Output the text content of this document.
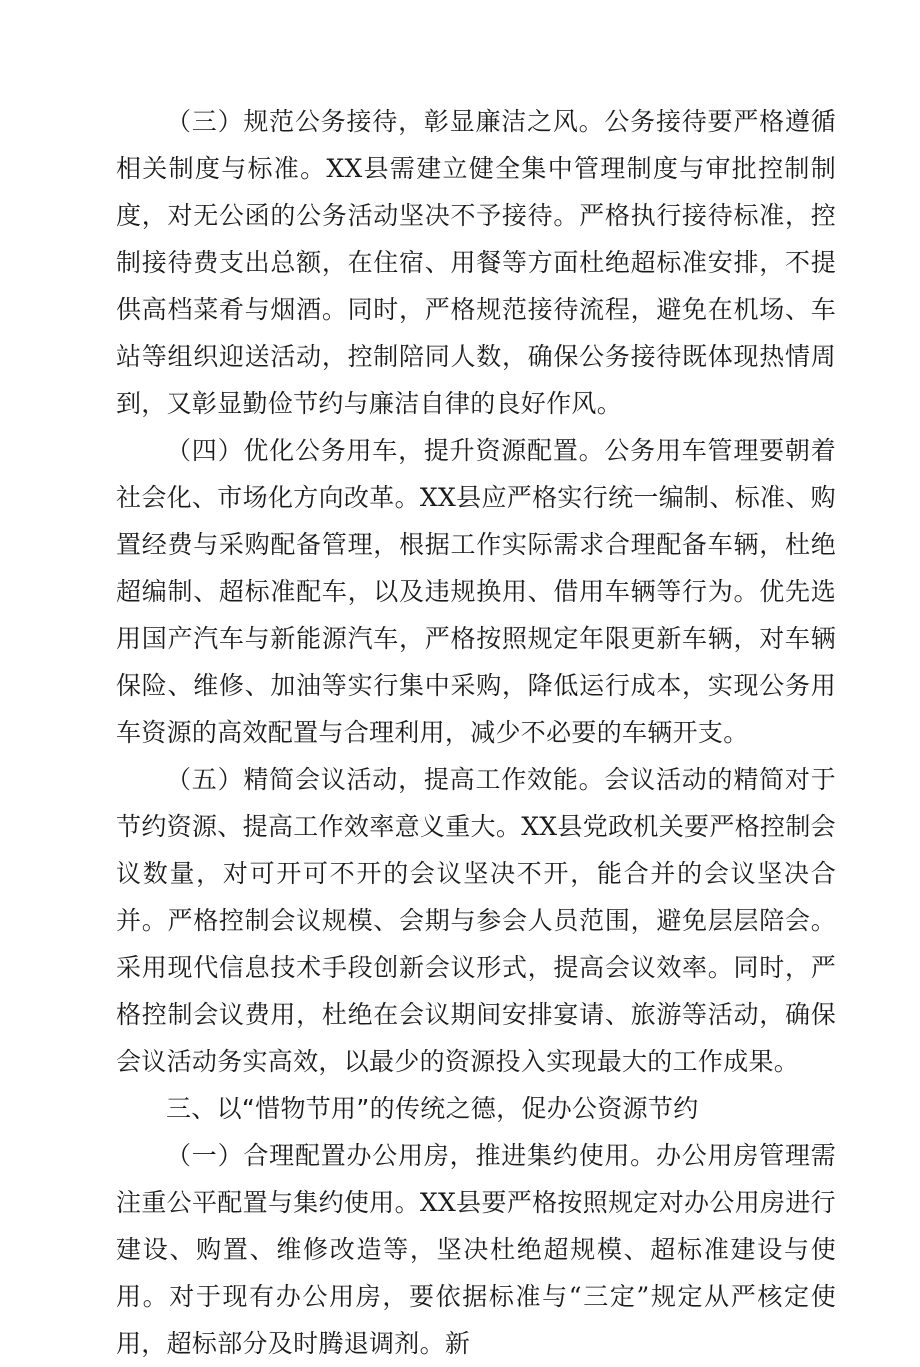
（三）规范公务接待，彰显廉洁之风。公务接待要严格遵循相关制度与标准。XX县需建立健全集中管理制度与审批控制制度，对无公函的公务活动坚决不予接待。严格执行接待标准，控制接待费支出总额，在住宿、用餐等方面杜绝超标准安排，不提供高档菜肴与烟酒。同时，严格规范接待流程，避免在机场、车站等组织迎送活动，控制陪同人数，确保公务接待既体现热情周到，又彰显勤俭节约与廉洁自律的良好作风。

（四）优化公务用车，提升资源配置。公务用车管理要朝着社会化、市场化方向改革。XX县应严格实行统一编制、标准、购置经费与采购配备管理，根据工作实际需求合理配备车辆，杜绝超编制、超标准配车，以及违规换用、借用车辆等行为。优先选用国产汽车与新能源汽车，严格按照规定年限更新车辆，对车辆保险、维修、加油等实行集中采购，降低运行成本，实现公务用车资源的高效配置与合理利用，减少不必要的车辆开支。

（五）精简会议活动，提高工作效能。会议活动的精简对于节约资源、提高工作效率意义重大。XX县党政机关要严格控制会议数量，对可开可不开的会议坚决不开，能合并的会议坚决合并。严格控制会议规模、会期与参会人员范围，避免层层陪会。采用现代信息技术手段创新会议形式，提高会议效率。同时，严格控制会议费用，杜绝在会议期间安排宴请、旅游等活动，确保会议活动务实高效，以最少的资源投入实现最大的工作成果。

三、以“惜物节用”的传统之德，促办公资源节约

（一）合理配置办公用房，推进集约使用。办公用房管理需注重公平配置与集约使用。XX县要严格按照规定对办公用房进行建设、购置、维修改造等，坚决杜绝超规模、超标准建设与使用。对于现有办公用房，要依据标准与“三定”规定从严核定使用，超标部分及时腾退调剂。新
